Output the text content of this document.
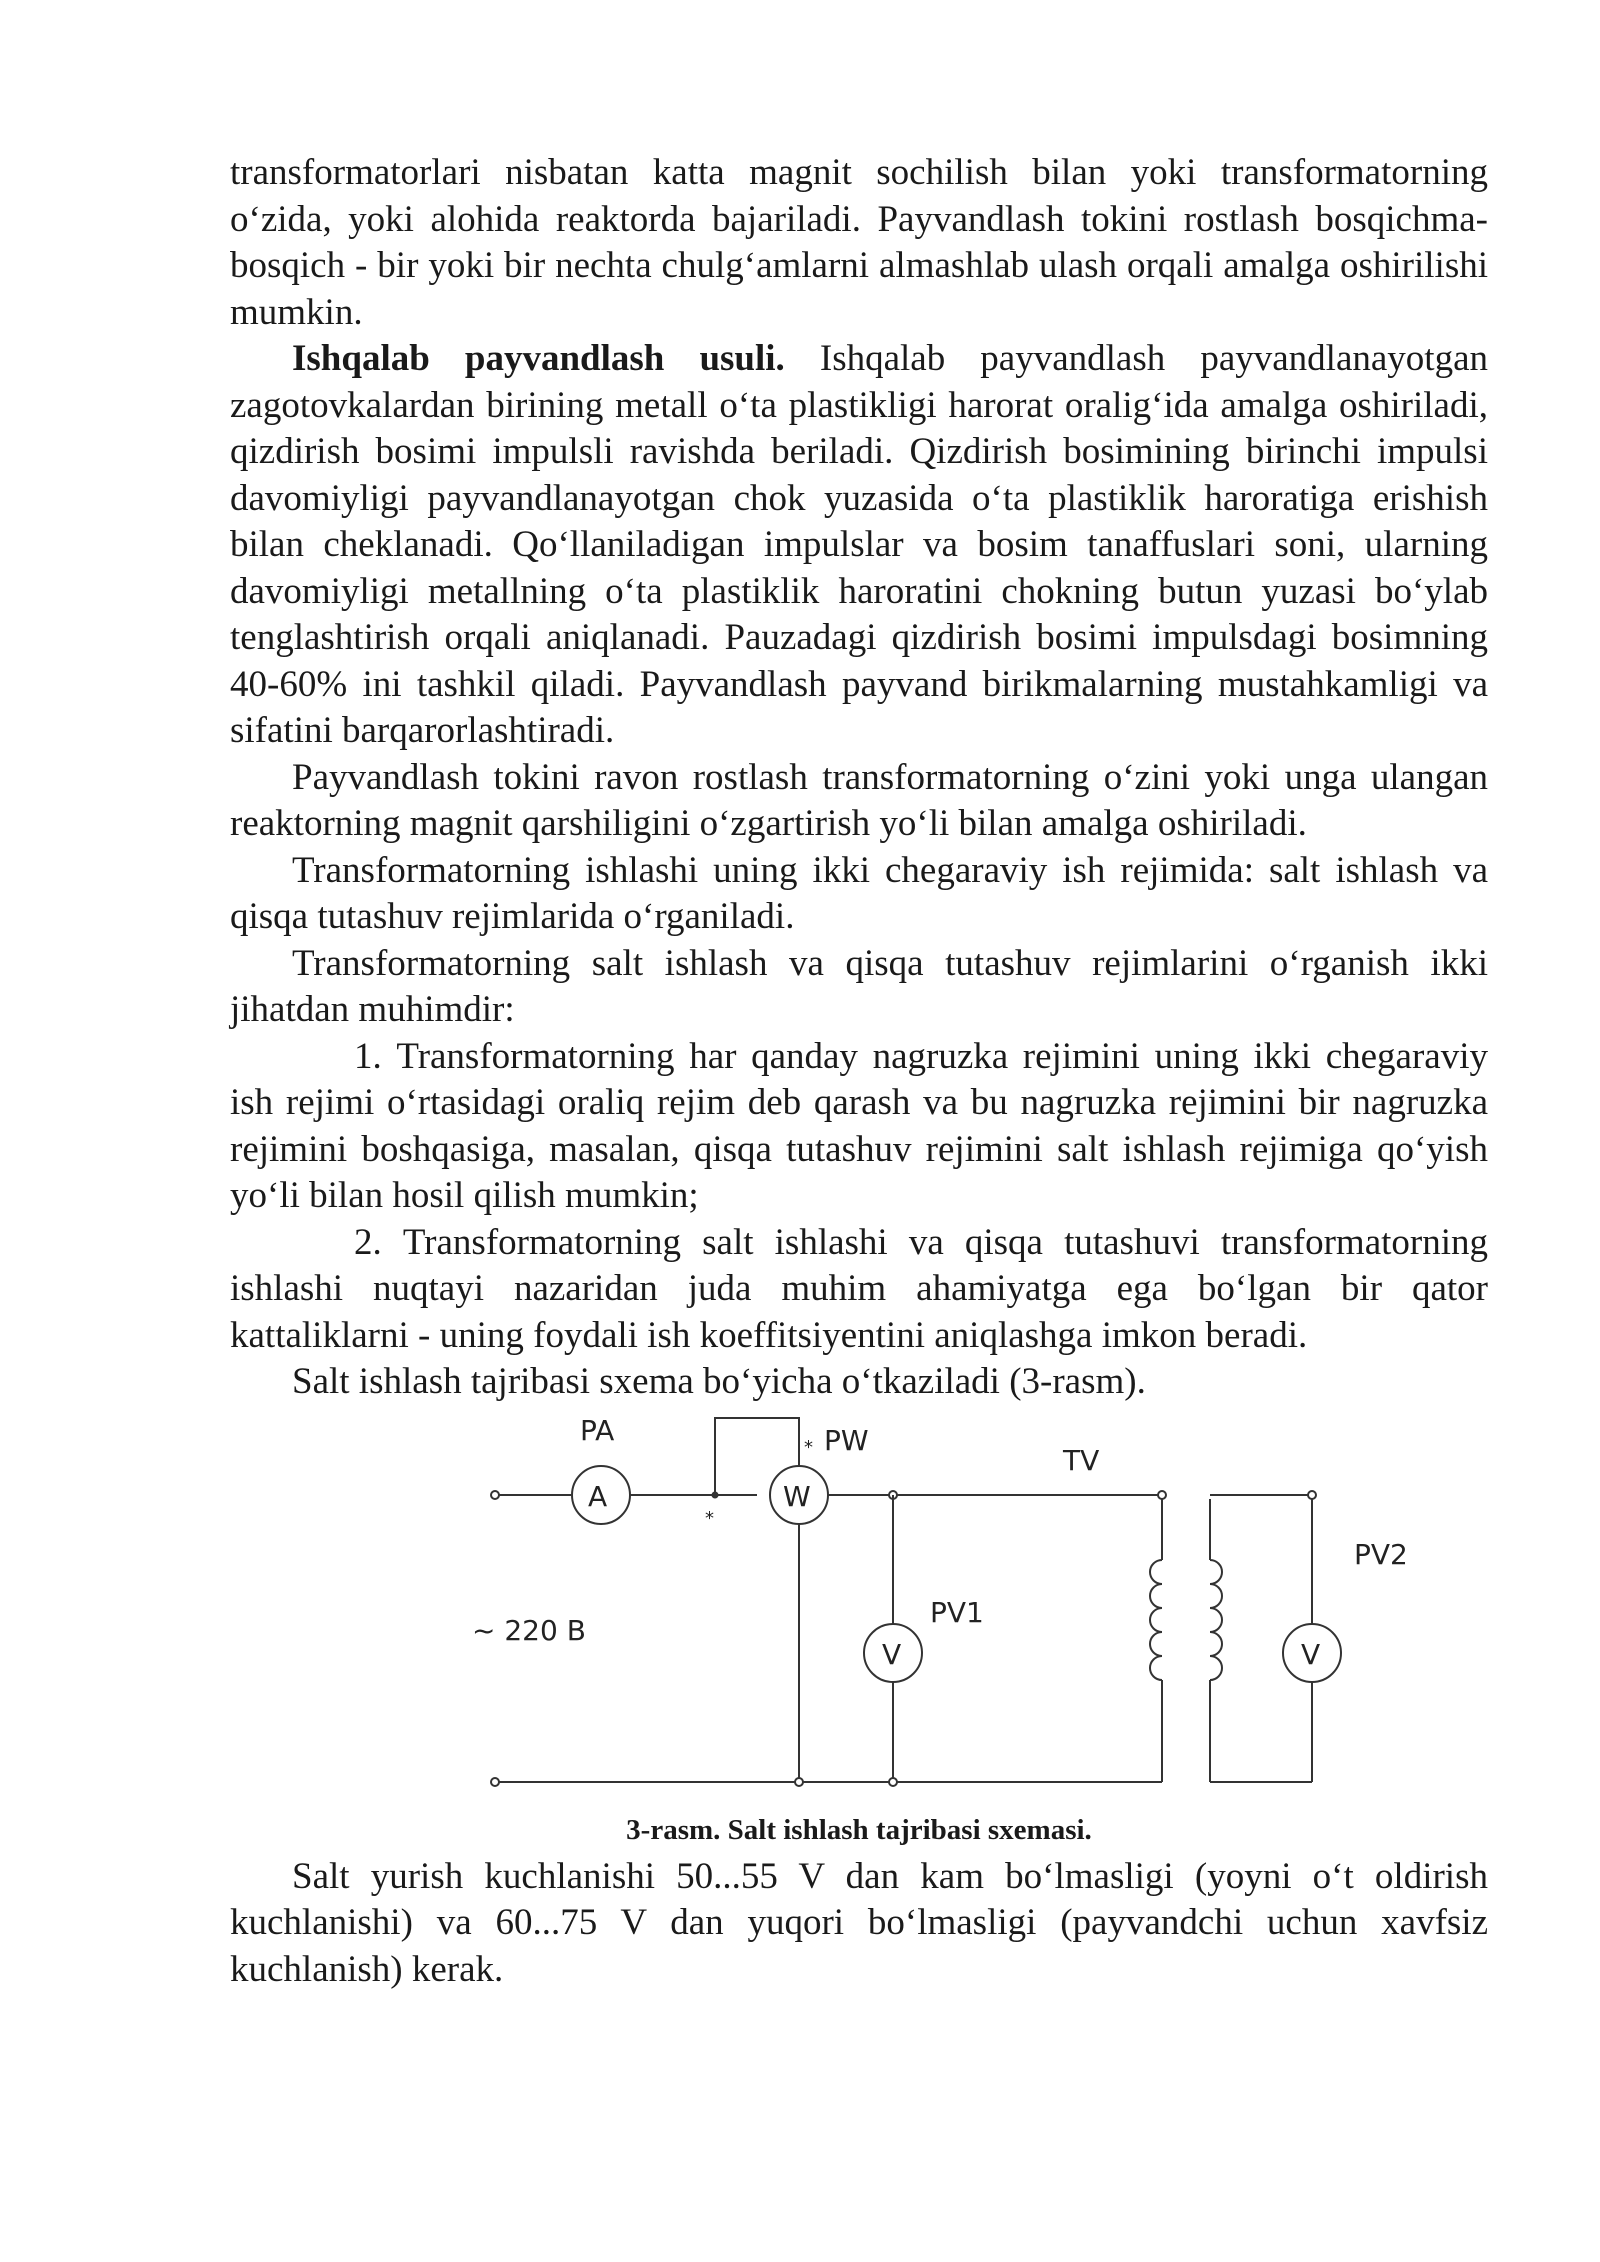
transformatorlari nisbatan katta magnit sochilish bilan yoki transformatorning oʻzida, yoki alohida reaktorda bajariladi. Payvandlash tokini rostlash bosqichma-bosqich - bir yoki bir nechta chulgʻamlarni almashlab ulash orqali amalga oshirilishi mumkin.

Ishqalab payvandlash usuli. Ishqalab payvandlash payvandlanayotgan zagotovkalardan birining metall oʻta plastikligi harorat oraligʻida amalga oshiriladi, qizdirish bosimi impulsli ravishda beriladi. Qizdirish bosimining birinchi impulsi davomiyligi payvandlanayotgan chok yuzasida oʻta plastiklik haroratiga erishish bilan cheklanadi. Qoʻllaniladigan impulslar va bosim tanaffuslari soni, ularning davomiyligi metallning oʻta plastiklik haroratini chokning butun yuzasi boʻylab tenglashtirish orqali aniqlanadi. Pauzadagi qizdirish bosimi impulsdagi bosimning 40-60% ini tashkil qiladi. Payvandlash payvand birikmalarning mustahkamligi va sifatini barqarorlashtiradi.

Payvandlash tokini ravon rostlash transformatorning oʻzini yoki unga ulangan reaktorning magnit qarshiligini oʻzgartirish yoʻli bilan amalga oshiriladi.

Transformatorning ishlashi uning ikki chegaraviy ish rejimida: salt ishlash va qisqa tutashuv rejimlarida oʻrganiladi.

Transformatorning salt ishlash va qisqa tutashuv rejimlarini oʻrganish ikki jihatdan muhimdir:

1. Transformatorning har qanday nagruzka rejimini uning ikki chegaraviy ish rejimi oʻrtasidagi oraliq rejim deb qarash va bu nagruzka rejimini bir nagruzka rejimini boshqasiga, masalan, qisqa tutashuv rejimini salt ishlash rejimiga qoʻyish yoʻli bilan hosil qilish mumkin;

2. Transformatorning salt ishlashi va qisqa tutashuvi transformatorning ishlashi nuqtayi nazaridan juda muhim ahamiyatga ega boʻlgan bir qator kattaliklarni - uning foydali ish koeffitsiyentini aniqlashga imkon beradi.

Salt ishlash tajribasi sxema boʻyicha oʻtkaziladi (3-rasm).

PA
A
*
* PW
W
TV
PV1
V
PV2
V
~ 220 B

3-rasm. Salt ishlash tajribasi sxemasi.

Salt yurish kuchlanishi 50...55 V dan kam boʻlmasligi (yoyni oʻt oldirish kuchlanishi) va 60...75 V dan yuqori boʻlmasligi (payvandchi uchun xavfsiz kuchlanish) kerak.
